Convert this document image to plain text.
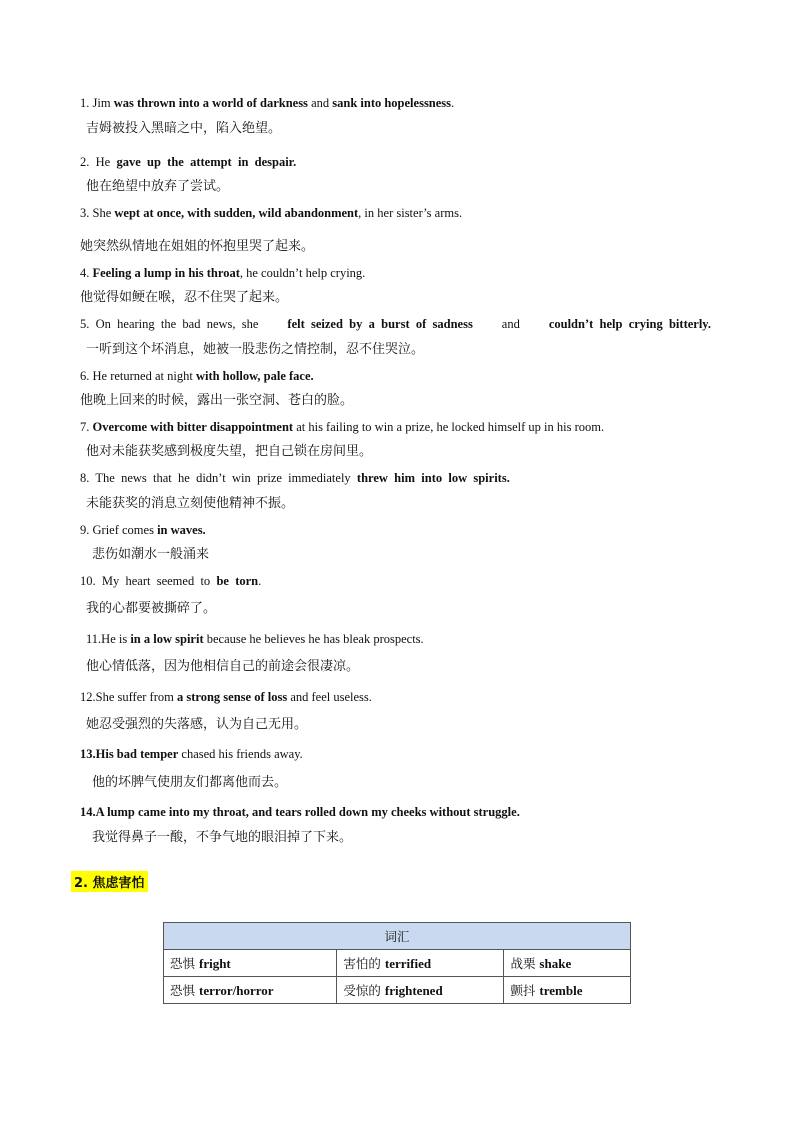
1. Jim was thrown into a world of darkness and sank into hopelessness.
吉姆被投入黑暗之中，陷入绝望。
2.  He  gave  up  the  attempt  in  despair.
他在绝望中放弃了尝试。
3. She wept at once, with sudden, wild abandonment, in her sister’s arms.
她突然纵情地在姐姐的怀抱里哭了起来。
4. Feeling a lump in his throat, he couldn’t help crying.
他觉得如鲠在喉，忍不住哭了起来。
5.  On  hearing  the  bad  news,  she felt  seized  by  a  burst  of  sadness and couldn’t  help  crying  bitterly.
一听到这个坏消息，她被一股悲伤之情控制，忍不住哭泣。
6. He returned at night with hollow, pale face.
他晚上回来的时候，露出一张空洞、苍白的脸。
7. Overcome with bitter disappointment at his failing to win a prize, he locked himself up in his room.
他对未能获奖感到极度失望，把自己锁在房间里。
8.  The  news  that  he  didn’t  win  prize  immediately  threw  him  into  low  spirits.
未能获奖的消息立刻使他精神不振。
9. Grief comes in waves.
悲伤如潮水一般涌来
10.  My  heart  seemed  to  be  torn.
我的心都要被撕碎了。
11.He is in a low spirit because he believes he has bleak prospects.
他心情低落，因为他相信自己的前途会很凄凉。
12.She suffer from a strong sense of loss and feel useless.
她忍受强烈的失落感，认为自己无用。
13.His bad temper chased his friends away.
他的坏脾气使朋友们都离他而去。
14.A lump came into my throat, and tears rolled down my cheeks without struggle.
我觉得鼻子一酸，不争气地的眼泪掉了下来。
2. 焦虑害怕
词汇		
恐惧 fright	害怕的 terrified	战栗 shake
恐惧 terror/horror	受惊的 frightened	颤抖 tremble
